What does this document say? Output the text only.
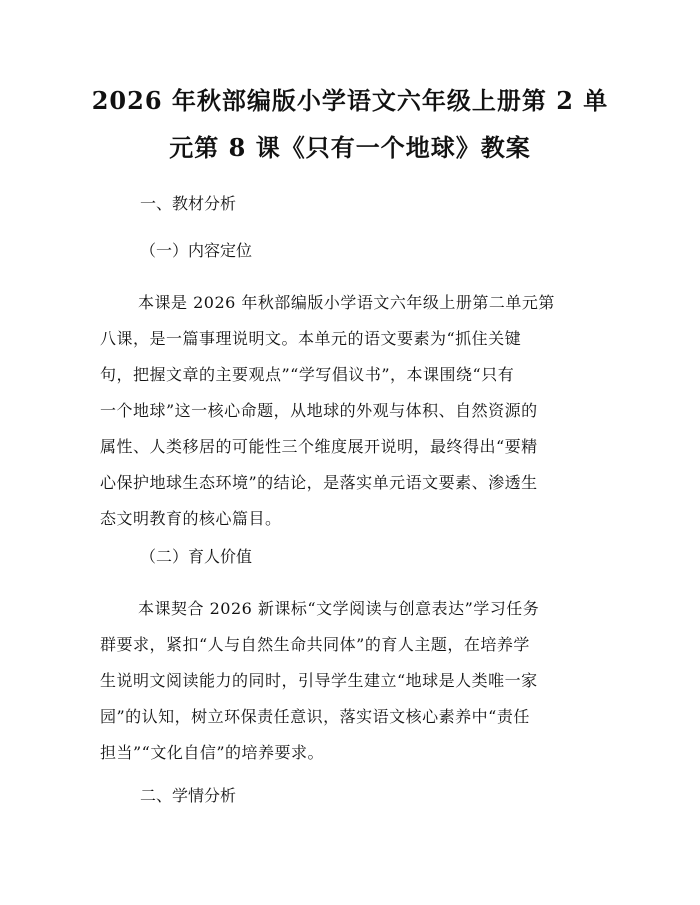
2026 年秋部编版小学语文六年级上册第 2 单
元第 8 课《只有一个地球》教案
一、教材分析
（一）内容定位
本课是 2026 年秋部编版小学语文六年级上册第二单元第
八课，是一篇事理说明文。本单元的语文要素为“抓住关键
句，把握文章的主要观点”“学写倡议书”，本课围绕“只有
一个地球”这一核心命题，从地球的外观与体积、自然资源的
属性、人类移居的可能性三个维度展开说明，最终得出“要精
心保护地球生态环境”的结论，是落实单元语文要素、渗透生
态文明教育的核心篇目。
（二）育人价值
本课契合 2026 新课标“文学阅读与创意表达”学习任务
群要求，紧扣“人与自然生命共同体”的育人主题，在培养学
生说明文阅读能力的同时，引导学生建立“地球是人类唯一家
园”的认知，树立环保责任意识，落实语文核心素养中“责任
担当”“文化自信”的培养要求。
二、学情分析
